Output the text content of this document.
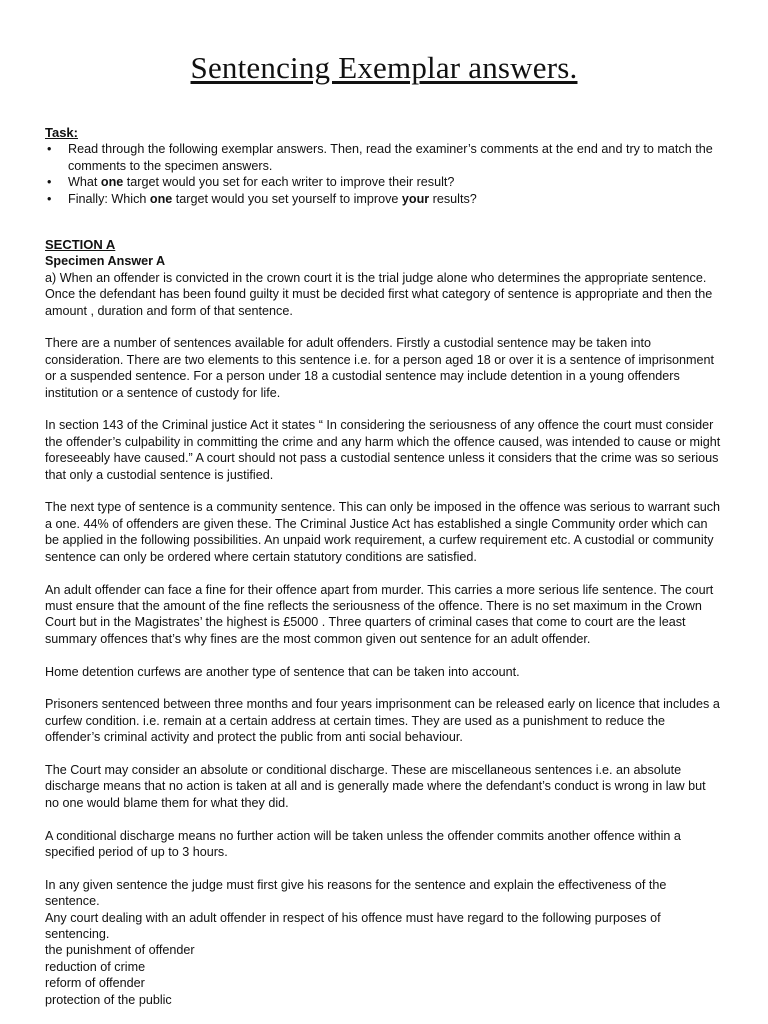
Sentencing Exemplar answers.
Task:
• Read through the following exemplar answers. Then, read the examiner’s comments at the end and try to match the comments to the specimen answers.
• What one target would you set for each writer to improve their result?
• Finally: Which one target would you set yourself to improve your results?
SECTION A
Specimen Answer A

a) When an offender is convicted in the crown court it is the trial judge alone who determines the appropriate sentence. Once the defendant has been found guilty it must be decided first what category of sentence is appropriate and then the amount , duration and form of that sentence.

There are a number of sentences available for adult offenders. Firstly a custodial sentence may be taken into consideration. There are two elements to this sentence i.e. for a person aged 18 or over it is a sentence of imprisonment or a suspended sentence. For a person under 18 a custodial sentence may include detention in a young offenders institution or a sentence of custody for life.

In section 143 of the Criminal justice Act it states “ In considering the seriousness of any offence the court must consider the offender’s culpability in committing the crime and any harm which the offence caused, was intended to cause or might foreseeably have caused.” A court should not pass a custodial sentence unless it considers that the crime was so serious that only a custodial sentence is justified.

The next type of sentence is a community sentence. This can only be imposed in the offence was serious to warrant such a one. 44% of offenders are given these. The Criminal Justice Act has established a single Community order which can be applied in the following possibilities. An unpaid work requirement, a curfew requirement etc. A custodial or community sentence can only be ordered where certain statutory conditions are satisfied.

An adult offender can face a fine for their offence apart from murder. This carries a more serious life sentence. The court must ensure that the amount of the fine reflects the seriousness of the offence. There is no set maximum in the Crown Court but in the Magistrates’ the highest is £5000 . Three quarters of criminal cases that come to court are the least summary offences that’s why fines are the most common given out sentence for an adult offender.

Home detention curfews are another type of sentence that can be taken into account.

Prisoners sentenced between three months and four years imprisonment can be released early on licence that includes a curfew condition. i.e. remain at a certain address at certain times. They are used as a punishment to reduce the offender’s criminal activity and protect the public from anti social behaviour.

The Court may consider an absolute or conditional discharge. These are miscellaneous sentences i.e. an absolute discharge means that no action is taken at all and is generally made where the defendant’s conduct is wrong in law but no one would blame them for what they did.

A conditional discharge means no further action will be taken unless the offender commits another offence within a specified period of up to 3 hours.

In any given sentence the judge must first give his reasons for the sentence and explain the effectiveness of the sentence.
Any court dealing with an adult offender in respect of his offence must have regard to the following purposes of sentencing.
the punishment of offender
reduction of crime
reform of offender
protection of the public
